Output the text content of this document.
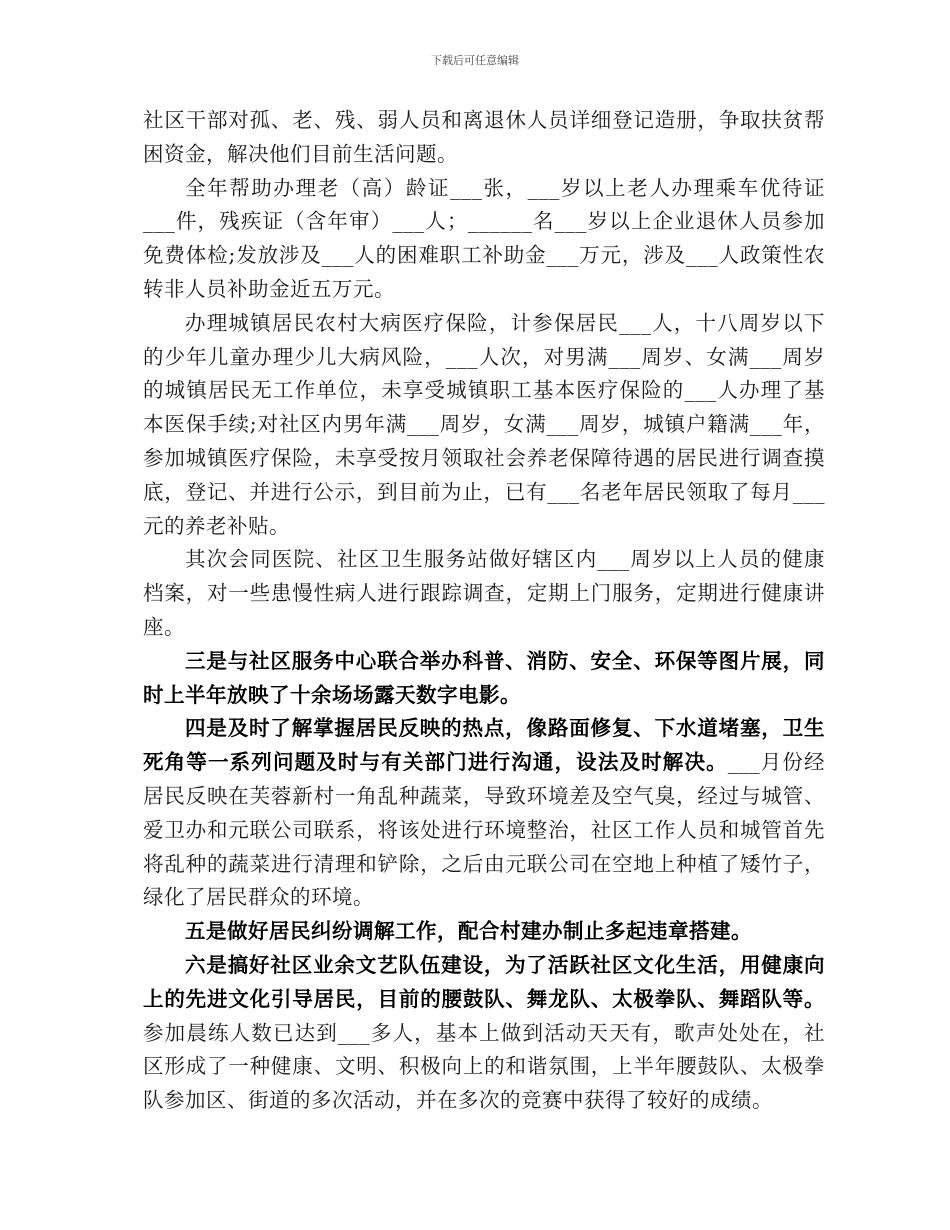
下载后可任意编辑

社区干部对孤、老、残、弱人员和离退休人员详细登记造册，争取扶贫帮困资金，解决他们目前生活问题。

全年帮助办理老（高）龄证___张，___岁以上老人办理乘车优待证___件，残疾证（含年审）___人；______名___岁以上企业退休人员参加免费体检;发放涉及___人的困难职工补助金___万元，涉及___人政策性农转非人员补助金近五万元。

办理城镇居民农村大病医疗保险，计参保居民___人，十八周岁以下的少年儿童办理少儿大病风险，___人次，对男满___周岁、女满___周岁的城镇居民无工作单位，未享受城镇职工基本医疗保险的___人办理了基本医保手续;对社区内男年满___周岁，女满___周岁，城镇户籍满___年，参加城镇医疗保险，未享受按月领取社会养老保障待遇的居民进行调查摸底，登记、并进行公示，到目前为止，已有___名老年居民领取了每月___元的养老补贴。

其次会同医院、社区卫生服务站做好辖区内___周岁以上人员的健康档案，对一些患慢性病人进行跟踪调查，定期上门服务，定期进行健康讲座。

三是与社区服务中心联合举办科普、消防、安全、环保等图片展，同时上半年放映了十余场场露天数字电影。

四是及时了解掌握居民反映的热点，像路面修复、下水道堵塞，卫生死角等一系列问题及时与有关部门进行沟通，设法及时解决。___月份经居民反映在芙蓉新村一角乱种蔬菜，导致环境差及空气臭，经过与城管、爱卫办和元联公司联系，将该处进行环境整治，社区工作人员和城管首先将乱种的蔬菜进行清理和铲除，之后由元联公司在空地上种植了矮竹子，绿化了居民群众的环境。

五是做好居民纠纷调解工作，配合村建办制止多起违章搭建。

六是搞好社区业余文艺队伍建设，为了活跃社区文化生活，用健康向上的先进文化引导居民，目前的腰鼓队、舞龙队、太极拳队、舞蹈队等。参加晨练人数已达到___多人，基本上做到活动天天有，歌声处处在，社区形成了一种健康、文明、积极向上的和谐氛围，上半年腰鼓队、太极拳队参加区、街道的多次活动，并在多次的竞赛中获得了较好的成绩。
